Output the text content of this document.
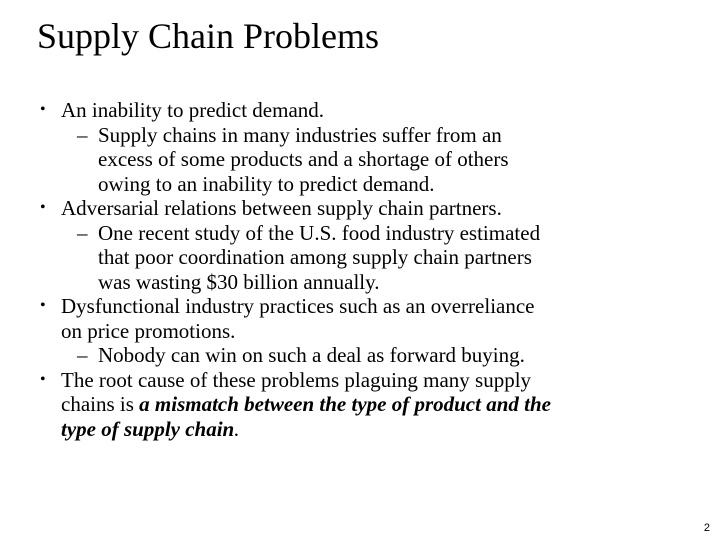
Supply Chain Problems
• An inability to predict demand.
– Supply chains in many industries suffer from an
excess of some products and a shortage of others
owing to an inability to predict demand.
• Adversarial relations between supply chain partners.
– One recent study of the U.S. food industry estimated
that poor coordination among supply chain partners
was wasting $30 billion annually.
• Dysfunctional industry practices such as an overreliance
on price promotions.
– Nobody can win on such a deal as forward buying.
• The root cause of these problems plaguing many supply
chains is a mismatch between the type of product and the
type of supply chain.
2
